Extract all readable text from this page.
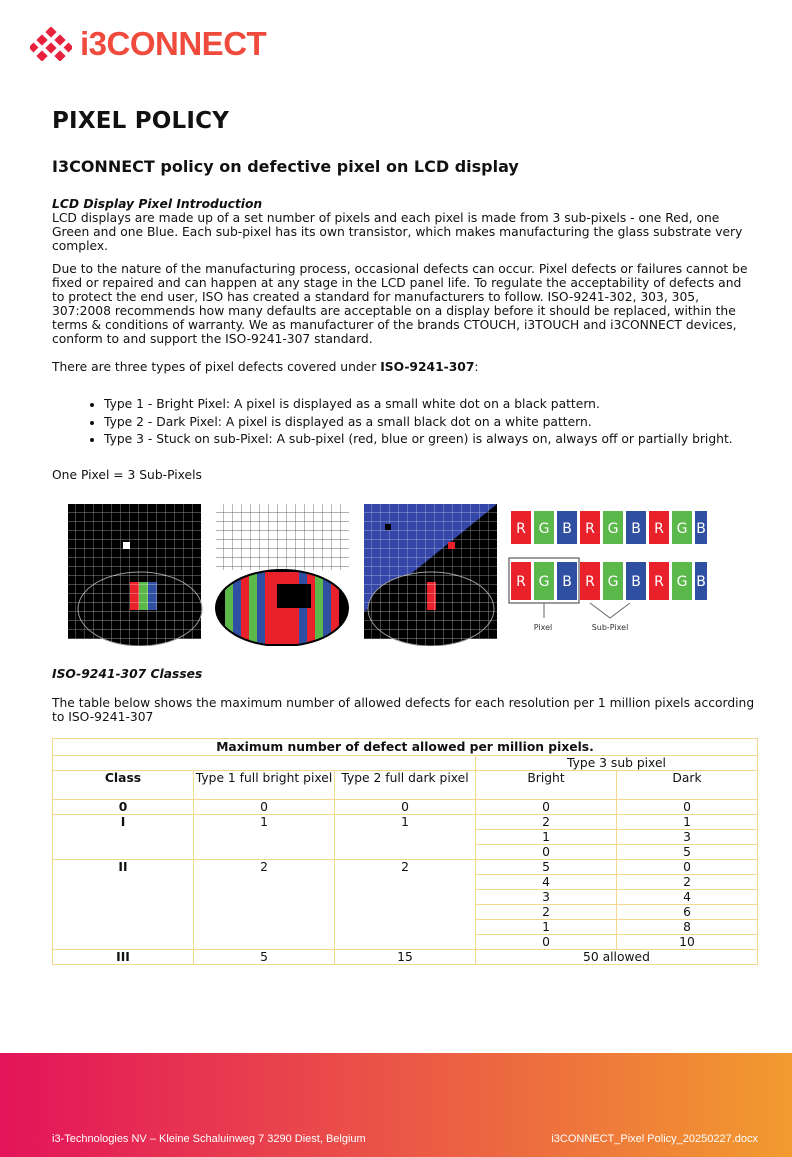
i3CONNECT
PIXEL POLICY
I3CONNECT policy on defective pixel on LCD display
LCD Display Pixel Introduction

LCD displays are made up of a set number of pixels and each pixel is made from 3 sub-pixels - one Red, one Green and one Blue. Each sub-pixel has its own transistor, which makes manufacturing the glass substrate very complex.

Due to the nature of the manufacturing process, occasional defects can occur. Pixel defects or failures cannot be fixed or repaired and can happen at any stage in the LCD panel life. To regulate the acceptability of defects and to protect the end user, ISO has created a standard for manufacturers to follow. ISO-9241-302, 303, 305, 307:2008 recommends how many defaults are acceptable on a display before it should be replaced, within the terms & conditions of warranty. We as manufacturer of the brands CTOUCH, i3TOUCH and i3CONNECT devices, conform to and support the ISO-9241-307 standard.

There are three types of pixel defects covered under ISO-9241-307:

• Type 1 - Bright Pixel: A pixel is displayed as a small white dot on a black pattern.
• Type 2 - Dark Pixel: A pixel is displayed as a small black dot on a white pattern.
• Type 3 - Stuck on sub-Pixel: A sub-pixel (red, blue or green) is always on, always off or partially bright.

One Pixel = 3 Sub-Pixels

R G B R G B R G B
R G B R G B R G B
Pixel	Sub-Pixel
ISO-9241-307 Classes

The table below shows the maximum number of allowed defects for each resolution per 1 million pixels according to ISO-9241-307

Maximum number of defect allowed per million pixels.				
			Type 3 sub pixel	
Class	Type 1 full bright pixel	Type 2 full dark pixel	Bright	Dark
0	0	0	0	0
I	1	1	2	1
			1	3
			0	5
II	2	2	5	0
			4	2
			3	4
			2	6
			1	8
			0	10
III	5	15	50 allowed	
i3-Technologies NV – Kleine Schaluinweg 7 3290 Diest, Belgium	i3CONNECT_Pixel Policy_20250227.docx
